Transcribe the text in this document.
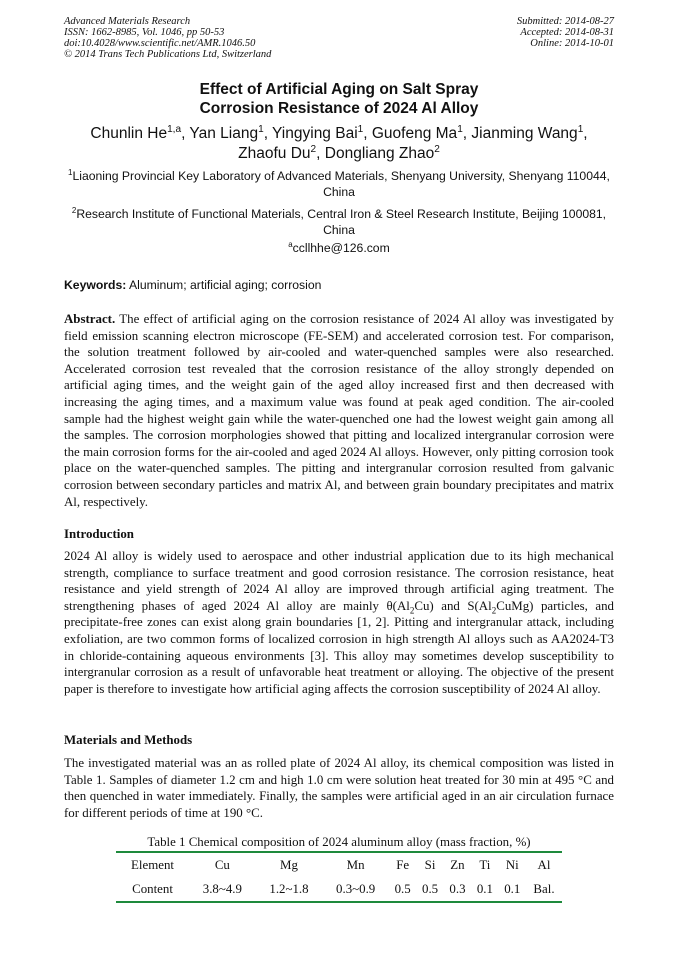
Advanced Materials Research
ISSN: 1662-8985, Vol. 1046, pp 50-53
doi:10.4028/www.scientific.net/AMR.1046.50
© 2014 Trans Tech Publications Ltd, Switzerland
Submitted: 2014-08-27
Accepted: 2014-08-31
Online: 2014-10-01
Effect of Artificial Aging on Salt Spray
Corrosion Resistance of 2024 Al Alloy
Chunlin He$^{1,a}$, Yan Liang$^1$, Yingying Bai$^1$, Guofeng Ma$^1$, Jianming Wang$^1$,
Zhaofu Du$^2$, Dongliang Zhao$^2$
$^1$Liaoning Provincial Key Laboratory of Advanced Materials, Shenyang University, Shenyang 110044, China
$^2$Research Institute of Functional Materials, Central Iron & Steel Research Institute, Beijing 100081, China
$^a$ccllhhe@126.com
Keywords: Aluminum; artificial aging; corrosion
Abstract. The effect of artificial aging on the corrosion resistance of 2024 Al alloy was investigated by field emission scanning electron microscope (FE-SEM) and accelerated corrosion test. For comparison, the solution treatment followed by air-cooled and water-quenched samples were also researched. Accelerated corrosion test revealed that the corrosion resistance of the alloy strongly depended on artificial aging times, and the weight gain of the aged alloy increased first and then decreased with increasing the aging times, and a maximum value was found at peak aged condition. The air-cooled sample had the highest weight gain while the water-quenched one had the lowest weight gain among all the samples. The corrosion morphologies showed that pitting and localized intergranular corrosion were the main corrosion forms for the air-cooled and aged 2024 Al alloys. However, only pitting corrosion took place on the water-quenched samples. The pitting and intergranular corrosion resulted from galvanic corrosion between secondary particles and matrix Al, and between grain boundary precipitates and matrix Al, respectively.
Introduction
2024 Al alloy is widely used to aerospace and other industrial application due to its high mechanical strength, compliance to surface treatment and good corrosion resistance. The corrosion resistance, heat resistance and yield strength of 2024 Al alloy are improved through artificial aging treatment. The strengthening phases of aged 2024 Al alloy are mainly $\theta(Al_2Cu)$ and $S(Al_2CuMg)$ particles, and precipitate-free zones can exist along grain boundaries [1, 2]. Pitting and intergranular attack, including exfoliation, are two common forms of localized corrosion in high strength Al alloys such as AA2024-T3 in chloride-containing aqueous environments [3]. This alloy may sometimes develop susceptibility to intergranular corrosion as a result of unfavorable heat treatment or alloying. The objective of the present paper is therefore to investigate how artificial aging affects the corrosion susceptibility of 2024 Al alloy.
Materials and Methods
The investigated material was an as rolled plate of 2024 Al alloy, its chemical composition was listed in Table 1. Samples of diameter 1.2 cm and high 1.0 cm were solution heat treated for 30 min at 495 °C and then quenched in water immediately. Finally, the samples were artificial aged in an air circulation furnace for different periods of time at 190 °C.
Table 1 Chemical composition of 2024 aluminum alloy (mass fraction, %)
Element	Cu	Mg	Mn	Fe	Si	Zn	Ti	Ni	Al
Content	3.8~4.9	1.2~1.8	0.3~0.9	0.5	0.5	0.3	0.1	0.1	Bal.
